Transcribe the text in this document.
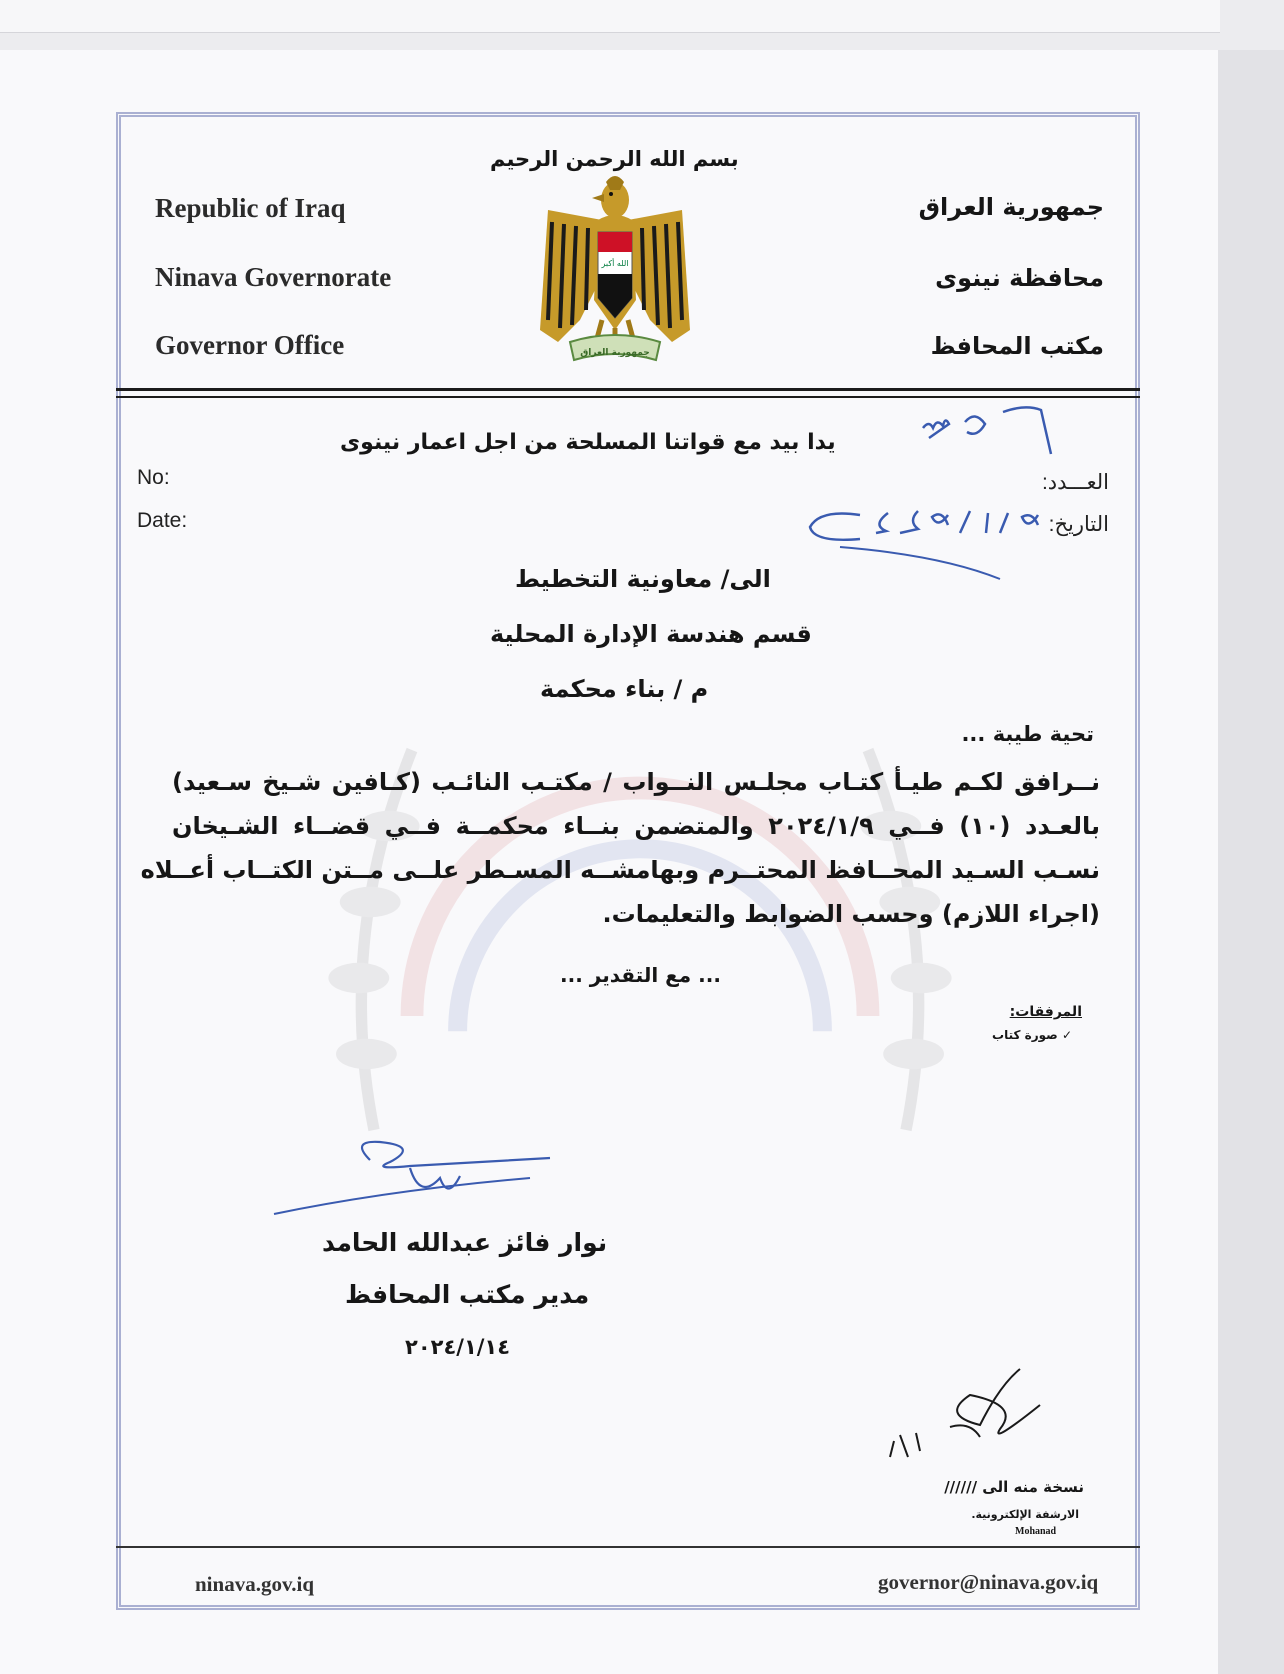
بسم الله الرحمن الرحيم
Republic of Iraq
Ninava Governorate
Governor Office
جمهورية العراق
محافظة نينوى
مكتب المحافظ
الله أكبر
جمهورية العراق
يدا بيد مع قواتنا المسلحة من اجل اعمار نينوى
No:
Date:
العـــدد:
التاريخ:
الى/ معاونية التخطيط
قسم هندسة الإدارة المحلية
م / بناء محكمة
تحية طيبة ...
نــرافق لكـم طيـأ كتـاب مجلـس النــواب / مكتـب النائـب (كـافين شـيخ سـعيد)
بالعـدد (١٠) فــي ٢٠٢٤/١/٩ والمتضمن بنــاء محكمــة فــي قضــاء الشـيخان
نسـب السـيد المحــافظ المحتــرم وبهامشــه المسـطر علــى مــتن الكتــاب أعــلاه
(اجراء اللازم) وحسب الضوابط والتعليمات.
... مع التقدير ...
المرفقات:
✓ صورة كتاب
نوار فائز عبدالله الحامد
مدير مكتب المحافظ
٢٠٢٤/١/١٤
نسخة منه الى //////
الارشفة الإلكترونية.
Mohanad
ninava.gov.iq	governor@ninava.gov.iq
